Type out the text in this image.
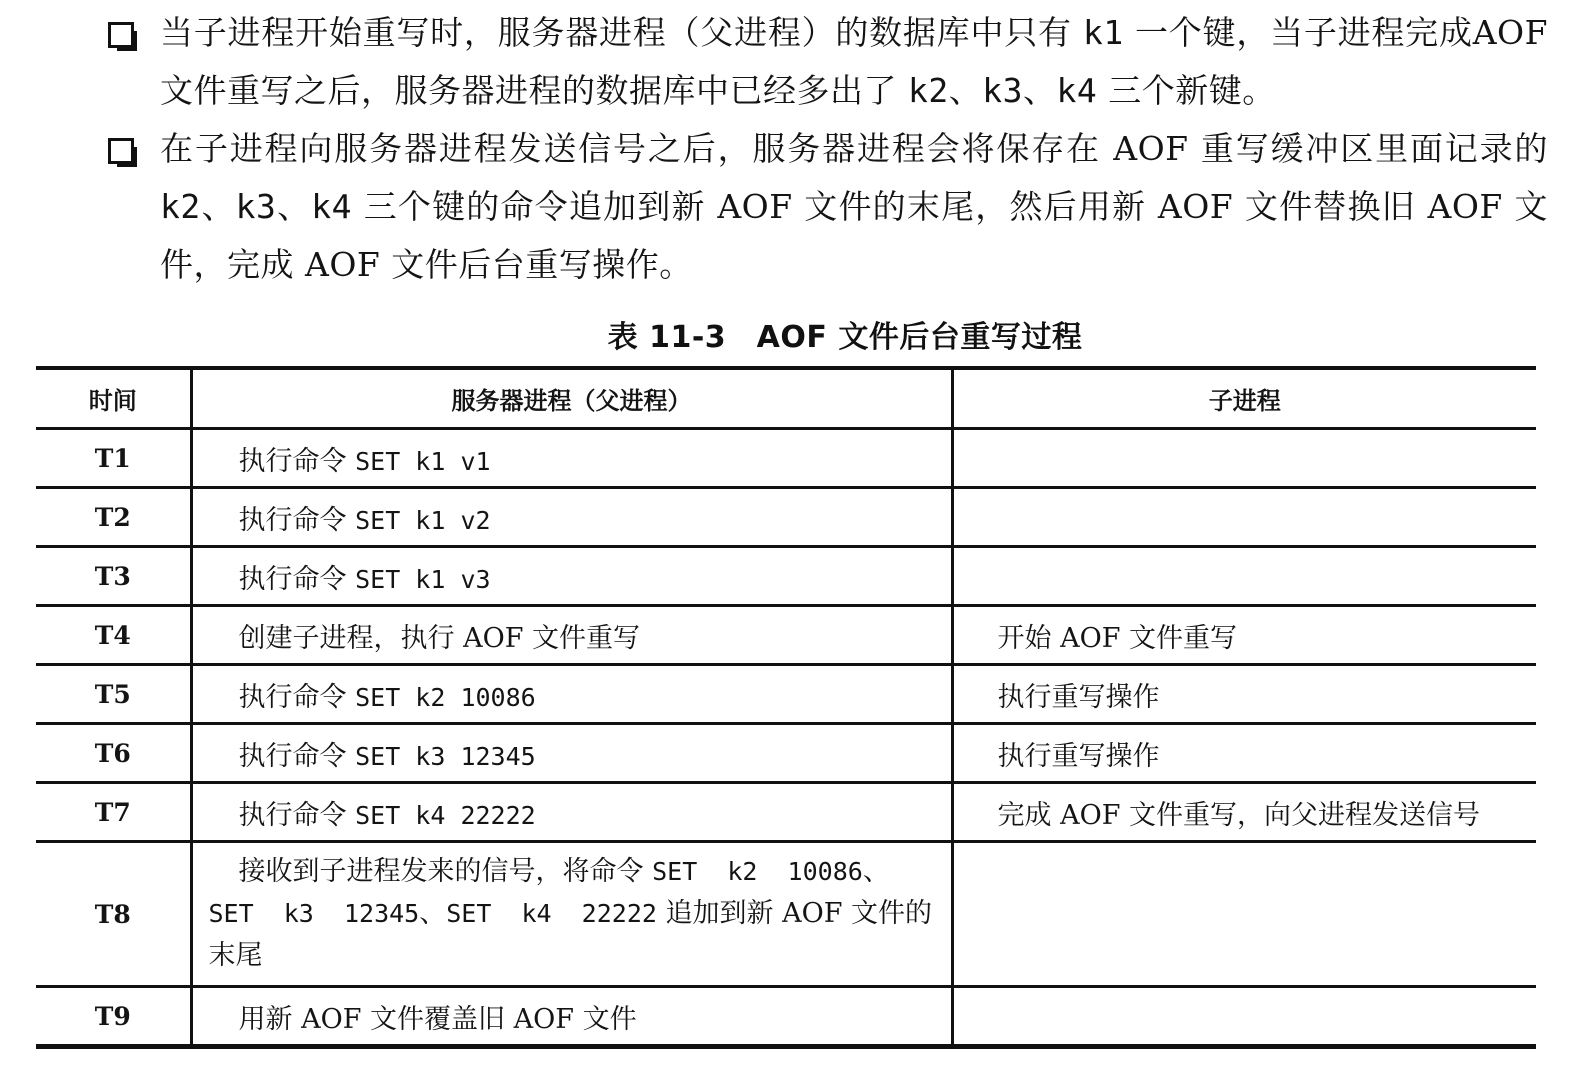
当子进程开始重写时，服务器进程（父进程）的数据库中只有 k1 一个键，当子进程完成AOF文件重写之后，服务器进程的数据库中已经多出了 k2、k3、k4 三个新键。
在子进程向服务器进程发送信号之后，服务器进程会将保存在 AOF 重写缓冲区里面记录的 k2、k3、k4 三个键的命令追加到新 AOF 文件的末尾，然后用新 AOF 文件替换旧 AOF 文件，完成 AOF 文件后台重写操作。
表 11-3　AOF 文件后台重写过程
时间	服务器进程（父进程）	子进程
T1	执行命令 SET k1 v1	
T2	执行命令 SET k1 v2	
T3	执行命令 SET k1 v3	
T4	创建子进程，执行 AOF 文件重写	开始 AOF 文件重写
T5	执行命令 SET k2 10086	执行重写操作
T6	执行命令 SET k3 12345	执行重写操作
T7	执行命令 SET k4 22222	完成 AOF 文件重写，向父进程发送信号
T8	接收到子进程发来的信号，将命令 SET  k2  10086、SET  k3  12345、SET  k4  22222 追加到新 AOF 文件的末尾	
T9	用新 AOF 文件覆盖旧 AOF 文件	
